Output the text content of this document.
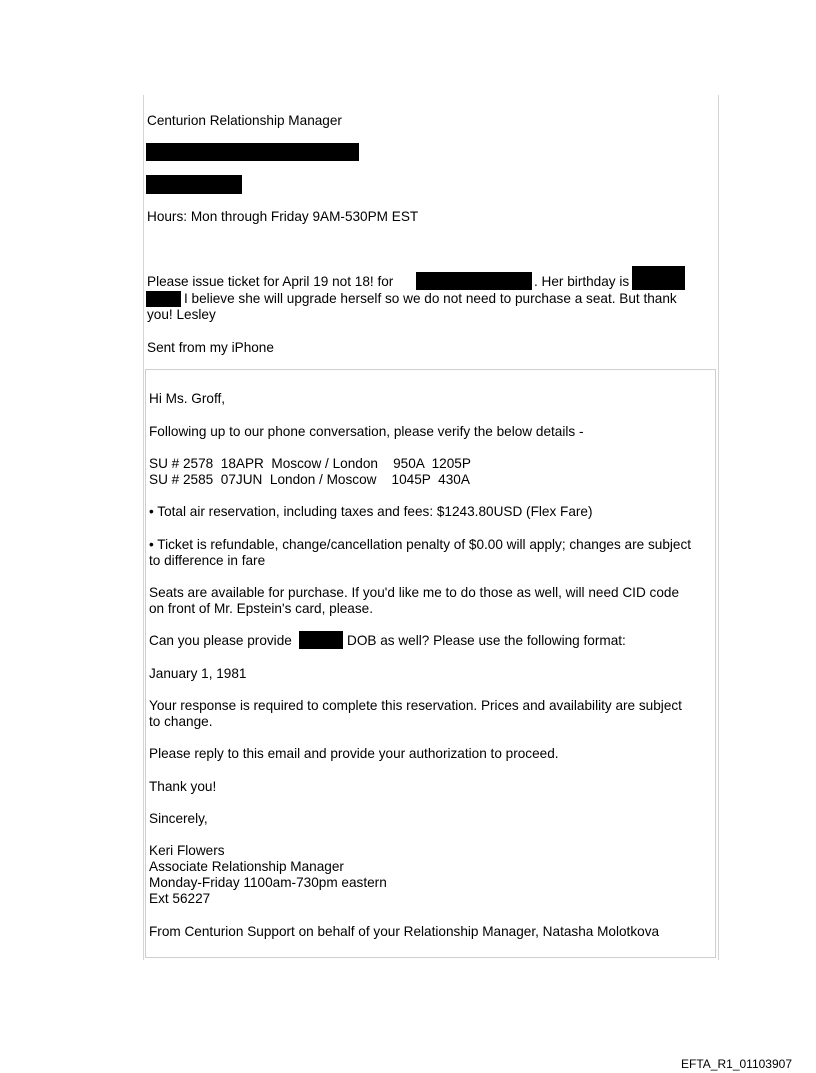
Centurion Relationship Manager
Hours: Mon through Friday 9AM-530PM EST
Please issue ticket for April 19 not 18! for	. Her birthday is
I believe she will upgrade herself so we do not need to purchase a seat. But thank
you! Lesley
Sent from my iPhone
Hi Ms. Groff,
Following up to our phone conversation, please verify the below details -
SU # 2578  18APR  Moscow / London    950A  1205P
SU # 2585  07JUN  London / Moscow    1045P  430A
• Total air reservation, including taxes and fees: $1243.80USD (Flex Fare)
• Ticket is refundable, change/cancellation penalty of $0.00 will apply; changes are subject
to difference in fare
Seats are available for purchase. If you'd like me to do those as well, will need CID code
on front of Mr. Epstein's card, please.
Can you please provide	DOB as well? Please use the following format:
January 1, 1981
Your response is required to complete this reservation. Prices and availability are subject
to change.
Please reply to this email and provide your authorization to proceed.
Thank you!
Sincerely,
Keri Flowers
Associate Relationship Manager
Monday-Friday 1100am-730pm eastern
Ext 56227
From Centurion Support on behalf of your Relationship Manager, Natasha Molotkova
EFTA_R1_01103907
